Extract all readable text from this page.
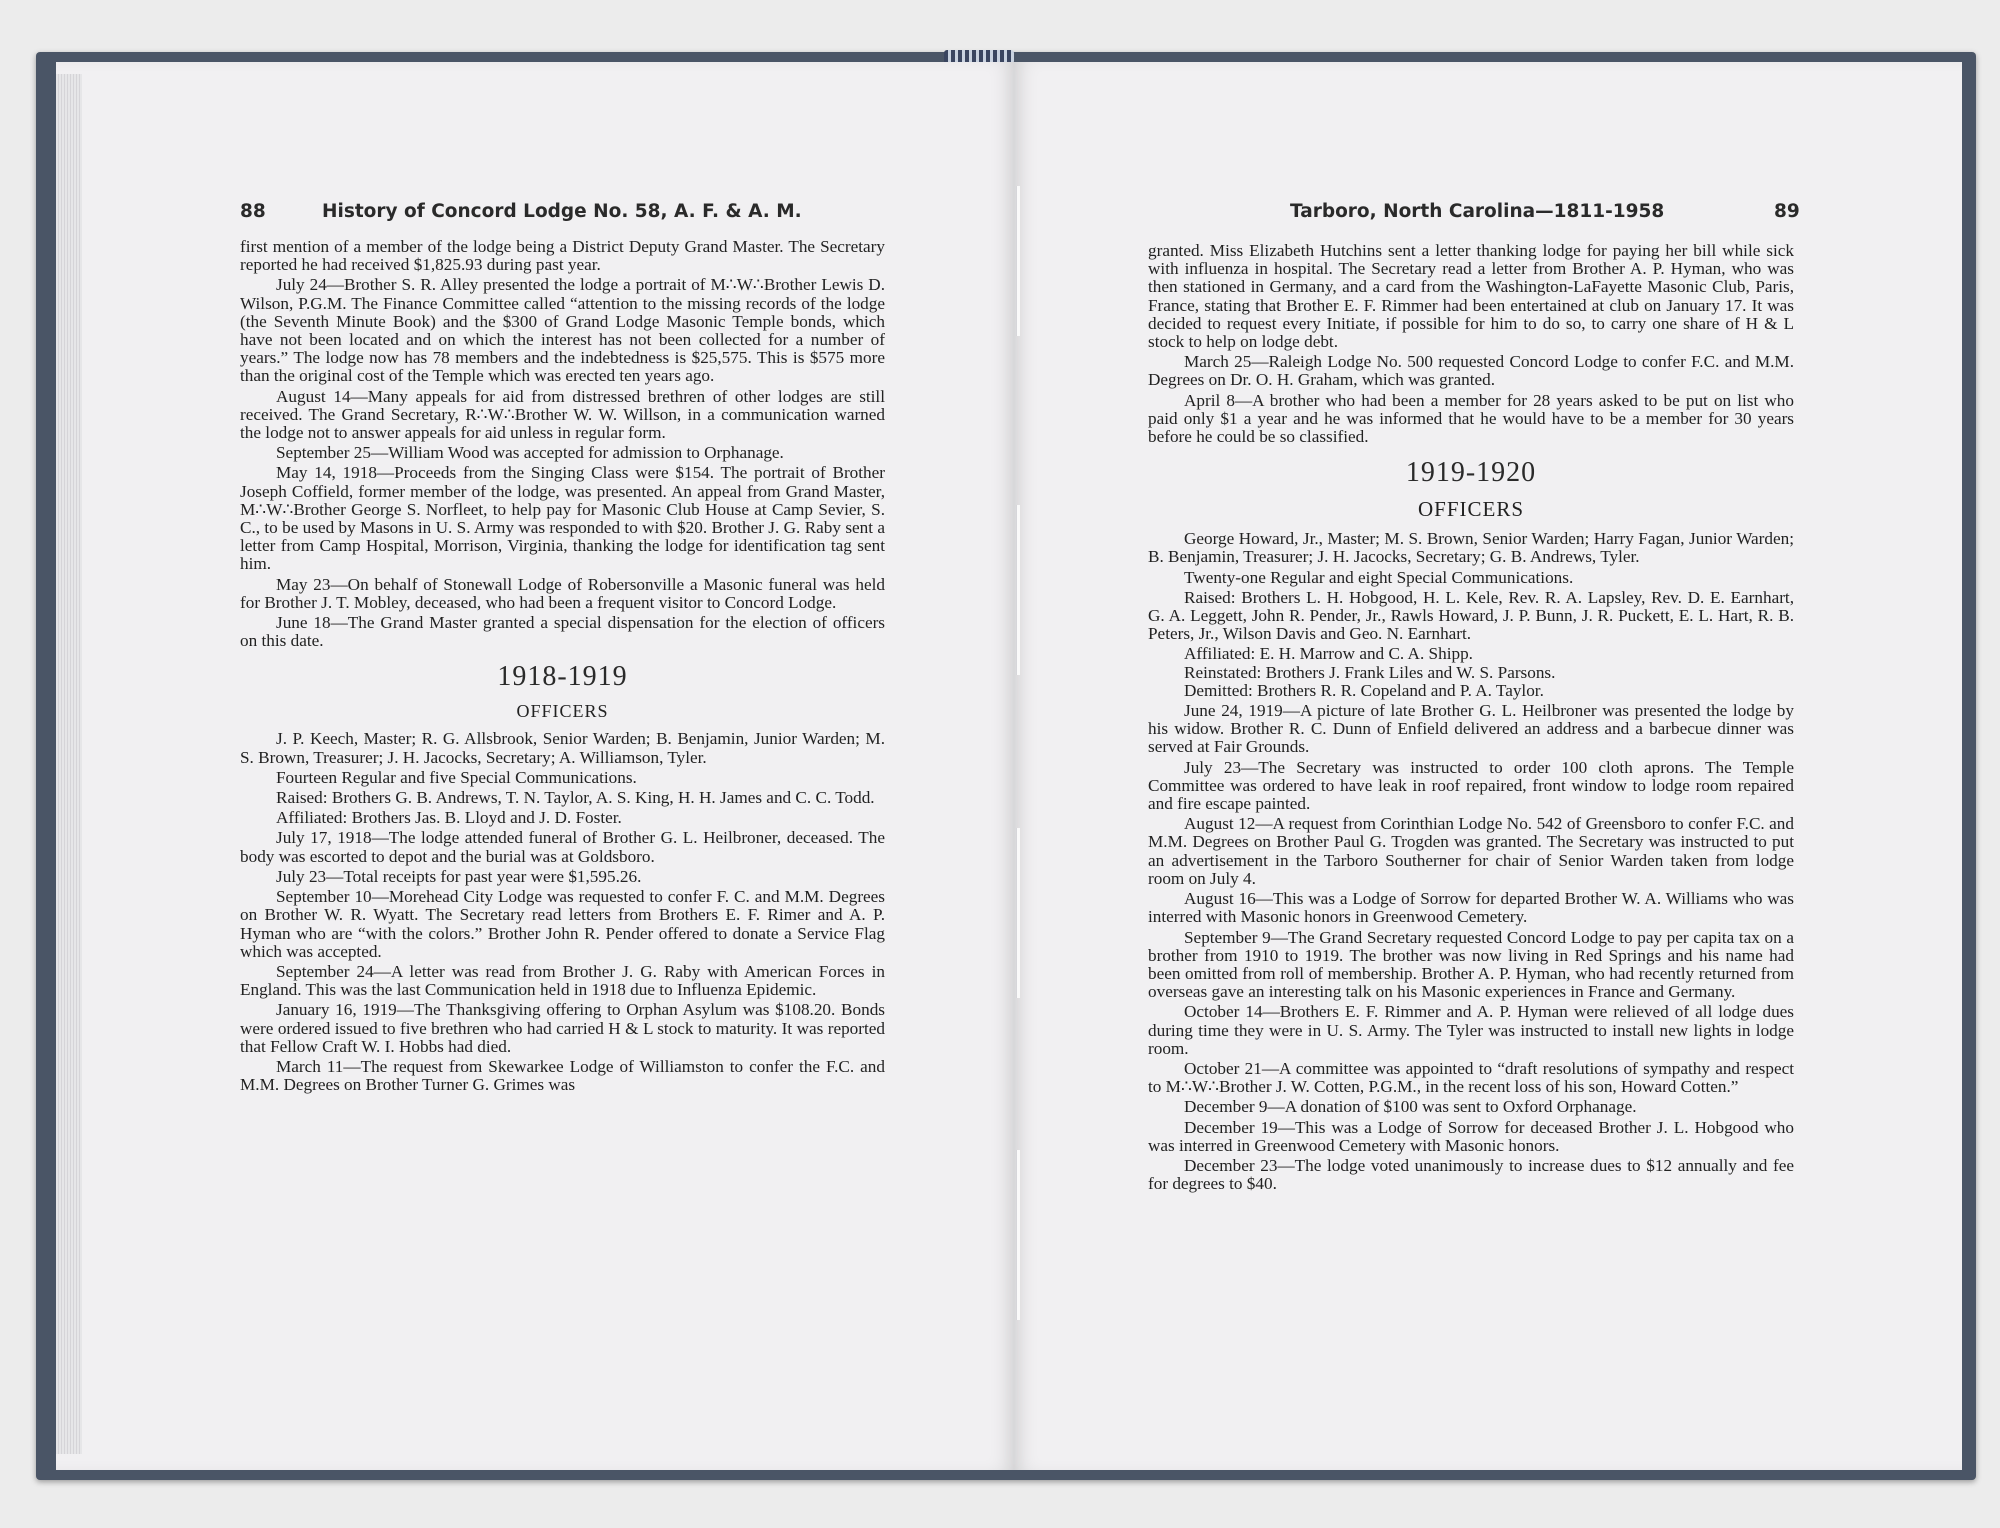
88	History of Concord Lodge No. 58, A. F. & A. M.

first mention of a member of the lodge being a District Deputy Grand Master. The Secretary reported he had received $1,825.93 during past year.

July 24—Brother S. R. Alley presented the lodge a portrait of M∴W∴Brother Lewis D. Wilson, P.G.M. The Finance Committee called “attention to the missing records of the lodge (the Seventh Minute Book) and the $300 of Grand Lodge Masonic Temple bonds, which have not been located and on which the interest has not been collected for a number of years.” The lodge now has 78 members and the indebtedness is $25,575. This is $575 more than the original cost of the Temple which was erected ten years ago.

August 14—Many appeals for aid from distressed brethren of other lodges are still received. The Grand Secretary, R∴W∴Brother W. W. Willson, in a communication warned the lodge not to answer appeals for aid unless in regular form.

September 25—William Wood was accepted for admission to Orphanage.

May 14, 1918—Proceeds from the Singing Class were $154. The portrait of Brother Joseph Coffield, former member of the lodge, was presented. An appeal from Grand Master, M∴W∴Brother George S. Norfleet, to help pay for Masonic Club House at Camp Sevier, S. C., to be used by Masons in U. S. Army was responded to with $20. Brother J. G. Raby sent a letter from Camp Hospital, Morrison, Virginia, thanking the lodge for identification tag sent him.

May 23—On behalf of Stonewall Lodge of Robersonville a Masonic funeral was held for Brother J. T. Mobley, deceased, who had been a frequent visitor to Concord Lodge.

June 18—The Grand Master granted a special dispensation for the election of officers on this date.

1918-1919
OFFICERS

J. P. Keech, Master; R. G. Allsbrook, Senior Warden; B. Benjamin, Junior Warden; M. S. Brown, Treasurer; J. H. Jacocks, Secretary; A. Williamson, Tyler.

Fourteen Regular and five Special Communications.

Raised: Brothers G. B. Andrews, T. N. Taylor, A. S. King, H. H. James and C. C. Todd.

Affiliated: Brothers Jas. B. Lloyd and J. D. Foster.

July 17, 1918—The lodge attended funeral of Brother G. L. Heilbroner, deceased. The body was escorted to depot and the burial was at Goldsboro.

July 23—Total receipts for past year were $1,595.26.

September 10—Morehead City Lodge was requested to confer F. C. and M.M. Degrees on Brother W. R. Wyatt. The Secretary read letters from Brothers E. F. Rimer and A. P. Hyman who are “with the colors.” Brother John R. Pender offered to donate a Service Flag which was accepted.

September 24—A letter was read from Brother J. G. Raby with American Forces in England. This was the last Communication held in 1918 due to Influenza Epidemic.

January 16, 1919—The Thanksgiving offering to Orphan Asylum was $108.20. Bonds were ordered issued to five brethren who had carried H & L stock to maturity. It was reported that Fellow Craft W. I. Hobbs had died.

March 11—The request from Skewarkee Lodge of Williamston to confer the F.C. and M.M. Degrees on Brother Turner G. Grimes was

Tarboro, North Carolina—1811-1958	89

granted. Miss Elizabeth Hutchins sent a letter thanking lodge for paying her bill while sick with influenza in hospital. The Secretary read a letter from Brother A. P. Hyman, who was then stationed in Germany, and a card from the Washington-LaFayette Masonic Club, Paris, France, stating that Brother E. F. Rimmer had been entertained at club on January 17. It was decided to request every Initiate, if possible for him to do so, to carry one share of H & L stock to help on lodge debt.

March 25—Raleigh Lodge No. 500 requested Concord Lodge to confer F.C. and M.M. Degrees on Dr. O. H. Graham, which was granted.

April 8—A brother who had been a member for 28 years asked to be put on list who paid only $1 a year and he was informed that he would have to be a member for 30 years before he could be so classified.

1919-1920
OFFICERS

George Howard, Jr., Master; M. S. Brown, Senior Warden; Harry Fagan, Junior Warden; B. Benjamin, Treasurer; J. H. Jacocks, Secretary; G. B. Andrews, Tyler.

Twenty-one Regular and eight Special Communications.

Raised: Brothers L. H. Hobgood, H. L. Kele, Rev. R. A. Lapsley, Rev. D. E. Earnhart, G. A. Leggett, John R. Pender, Jr., Rawls Howard, J. P. Bunn, J. R. Puckett, E. L. Hart, R. B. Peters, Jr., Wilson Davis and Geo. N. Earnhart.

Affiliated: E. H. Marrow and C. A. Shipp.

Reinstated: Brothers J. Frank Liles and W. S. Parsons.

Demitted: Brothers R. R. Copeland and P. A. Taylor.

June 24, 1919—A picture of late Brother G. L. Heilbroner was presented the lodge by his widow. Brother R. C. Dunn of Enfield delivered an address and a barbecue dinner was served at Fair Grounds.

July 23—The Secretary was instructed to order 100 cloth aprons. The Temple Committee was ordered to have leak in roof repaired, front window to lodge room repaired and fire escape painted.

August 12—A request from Corinthian Lodge No. 542 of Greensboro to confer F.C. and M.M. Degrees on Brother Paul G. Trogden was granted. The Secretary was instructed to put an advertisement in the Tarboro Southerner for chair of Senior Warden taken from lodge room on July 4.

August 16—This was a Lodge of Sorrow for departed Brother W. A. Williams who was interred with Masonic honors in Greenwood Cemetery.

September 9—The Grand Secretary requested Concord Lodge to pay per capita tax on a brother from 1910 to 1919. The brother was now living in Red Springs and his name had been omitted from roll of membership. Brother A. P. Hyman, who had recently returned from overseas gave an interesting talk on his Masonic experiences in France and Germany.

October 14—Brothers E. F. Rimmer and A. P. Hyman were relieved of all lodge dues during time they were in U. S. Army. The Tyler was instructed to install new lights in lodge room.

October 21—A committee was appointed to “draft resolutions of sympathy and respect to M∴W∴Brother J. W. Cotten, P.G.M., in the recent loss of his son, Howard Cotten.”

December 9—A donation of $100 was sent to Oxford Orphanage.

December 19—This was a Lodge of Sorrow for deceased Brother J. L. Hobgood who was interred in Greenwood Cemetery with Masonic honors.

December 23—The lodge voted unanimously to increase dues to $12 annually and fee for degrees to $40.
